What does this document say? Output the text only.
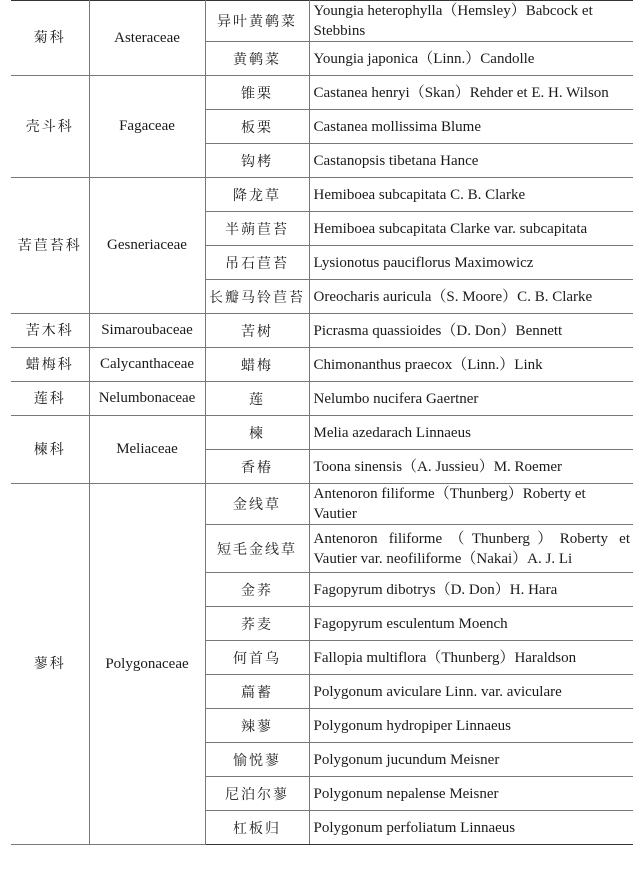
菊科	Asteraceae	异叶黄鹌菜	Youngia heterophylla（Hemsley）Babcock et Stebbins
		黄鹌菜	Youngia japonica（Linn.）Candolle
壳斗科	Fagaceae	锥栗	Castanea henryi（Skan）Rehder et E. H. Wilson
		板栗	Castanea mollissima Blume
		钩栲	Castanopsis tibetana Hance
苦苣苔科	Gesneriaceae	降龙草	Hemiboea subcapitata C. B. Clarke
		半蒴苣苔	Hemiboea subcapitata Clarke var. subcapitata
		吊石苣苔	Lysionotus pauciflorus Maximowicz
		长瓣马铃苣苔	Oreocharis auricula（S. Moore）C. B. Clarke
苦木科	Simaroubaceae	苦树	Picrasma quassioides（D. Don）Bennett
蜡梅科	Calycanthaceae	蜡梅	Chimonanthus praecox（Linn.）Link
莲科	Nelumbonaceae	莲	Nelumbo nucifera Gaertner
楝科	Meliaceae	楝	Melia azedarach Linnaeus
		香椿	Toona sinensis（A. Jussieu）M. Roemer
蓼科	Polygonaceae	金线草	Antenoron filiforme（Thunberg）Roberty et Vautier
		短毛金线草	Antenoron filiforme（Thunberg）Roberty et Vautier var. neofiliforme（Nakai）A. J. Li
		金荞	Fagopyrum dibotrys（D. Don）H. Hara
		荞麦	Fagopyrum esculentum Moench
		何首乌	Fallopia multiflora（Thunberg）Haraldson
		萹蓄	Polygonum aviculare Linn. var. aviculare
		辣蓼	Polygonum hydropiper Linnaeus
		愉悦蓼	Polygonum jucundum Meisner
		尼泊尔蓼	Polygonum nepalense Meisner
		杠板归	Polygonum perfoliatum Linnaeus
